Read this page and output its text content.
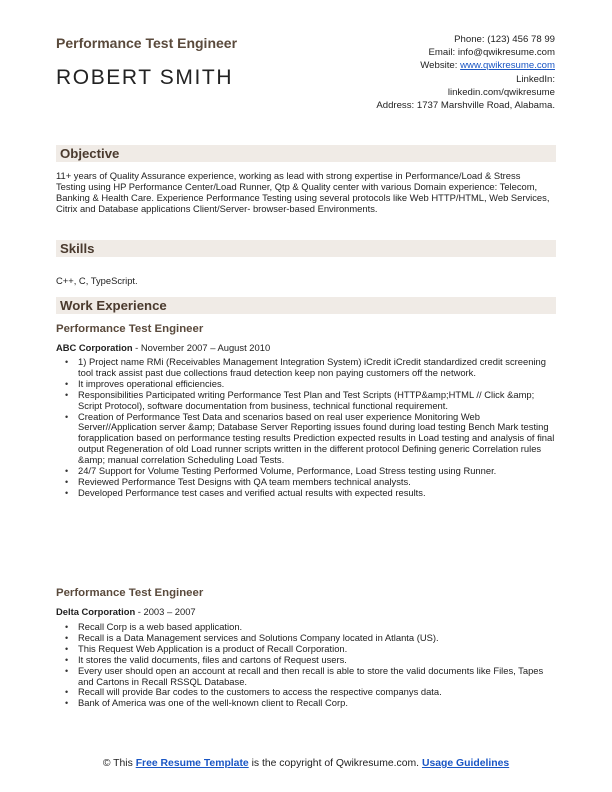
Performance Test Engineer
ROBERT SMITH
Phone: (123) 456 78 99
Email: info@qwikresume.com
Website: www.qwikresume.com
LinkedIn:
linkedin.com/qwikresume
Address: 1737 Marshville Road, Alabama.
Objective
11+ years of Quality Assurance experience, working as lead with strong expertise in Performance/Load & Stress Testing using HP Performance Center/Load Runner, Qtp & Quality center with various Domain experience: Telecom, Banking & Health Care. Experience Performance Testing using several protocols like Web HTTP/HTML, Web Services, Citrix and Database applications Client/Server- browser-based Environments.
Skills
C++, C, TypeScript.
Work Experience
Performance Test Engineer
ABC Corporation - November 2007 – August 2010
• 1) Project name RMi (Receivables Management Integration System) iCredit iCredit standardized credit screening tool track assist past due collections fraud detection keep non paying customers off the network.
• It improves operational efficiencies.
• Responsibilities Participated writing Performance Test Plan and Test Scripts (HTTP&amp;HTML // Click &amp; Script Protocol), software documentation from business, technical functional requirement.
• Creation of Performance Test Data and scenarios based on real user experience Monitoring Web Server//Application server &amp; Database Server Reporting issues found during load testing Bench Mark testing forapplication based on performance testing results Prediction expected results in Load testing and analysis of final output Regeneration of old Load runner scripts written in the different protocol Defining generic Correlation rules &amp; manual correlation Scheduling Load Tests.
• 24/7 Support for Volume Testing Performed Volume, Performance, Load Stress testing using Runner.
• Reviewed Performance Test Designs with QA team members technical analysts.
• Developed Performance test cases and verified actual results with expected results.
Performance Test Engineer
Delta Corporation - 2003 – 2007
• Recall Corp is a web based application.
• Recall is a Data Management services and Solutions Company located in Atlanta (US).
• This Request Web Application is a product of Recall Corporation.
• It stores the valid documents, files and cartons of Request users.
• Every user should open an account at recall and then recall is able to store the valid documents like Files, Tapes and Cartons in Recall RSSQL Database.
• Recall will provide Bar codes to the customers to access the respective companys data.
• Bank of America was one of the well-known client to Recall Corp.
© This Free Resume Template is the copyright of Qwikresume.com. Usage Guidelines
